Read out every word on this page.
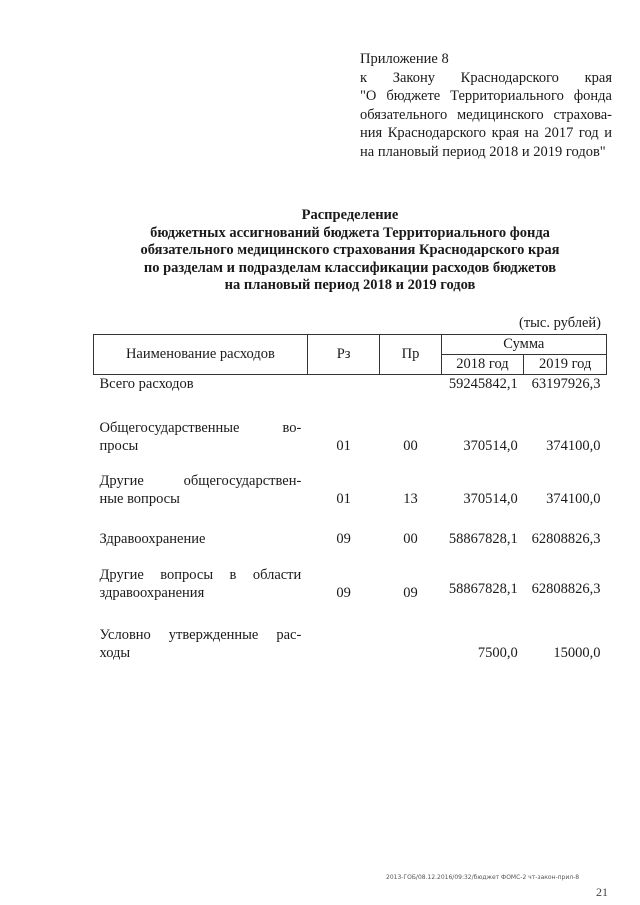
Приложение 8
к Закону Краснодарского края
"О бюджете Территориального фонда
обязательного медицинского страхова-
ния Краснодарского края на 2017 год и
на плановый период 2018 и 2019 годов"
Распределение
бюджетных ассигнований бюджета Территориального фонда
обязательного медицинского страхования Краснодарского края
по разделам и подразделам классификации расходов бюджетов
на плановый период 2018 и 2019 годов
(тыс. рублей)
Наименование расходов	Рз	Пр	Сумма	
			2018 год	2019 год

Всего расходов			59245842,1	63197926,3

Общегосударственные во-
просы	01	00	370514,0	374100,0

Другие общегосударствен-
ные вопросы	01	13	370514,0	374100,0

Здравоохранение	09	00	58867828,1	62808826,3

Другие вопросы в области
здравоохранения	09	09	58867828,1	62808826,3

Условно утвержденные рас-
ходы			7500,0	15000,0
2013-ГОБ/08.12.2016/09:32/бюджет ФОМС-2 чт-закон-прил-8
21
